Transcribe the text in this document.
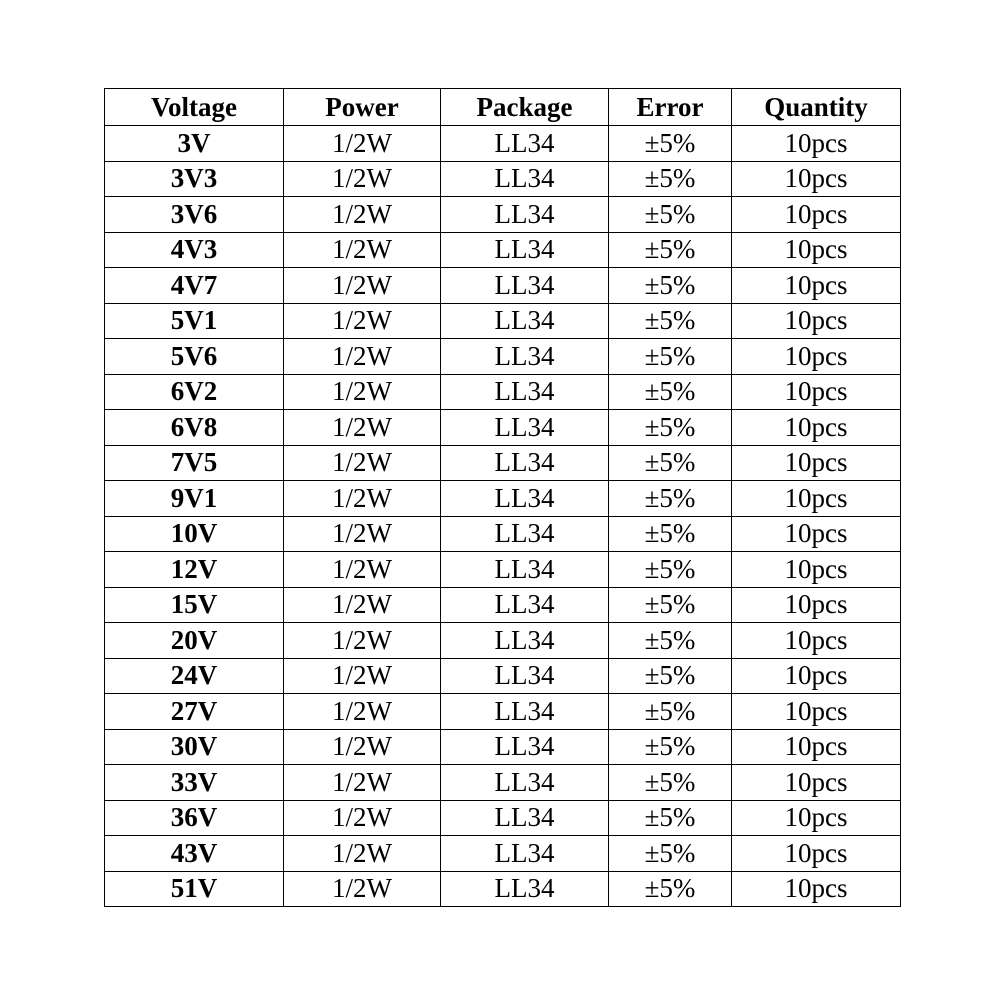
Voltage	Power	Package	Error	Quantity
3V	1/2W	LL34	±5%	10pcs
3V3	1/2W	LL34	±5%	10pcs
3V6	1/2W	LL34	±5%	10pcs
4V3	1/2W	LL34	±5%	10pcs
4V7	1/2W	LL34	±5%	10pcs
5V1	1/2W	LL34	±5%	10pcs
5V6	1/2W	LL34	±5%	10pcs
6V2	1/2W	LL34	±5%	10pcs
6V8	1/2W	LL34	±5%	10pcs
7V5	1/2W	LL34	±5%	10pcs
9V1	1/2W	LL34	±5%	10pcs
10V	1/2W	LL34	±5%	10pcs
12V	1/2W	LL34	±5%	10pcs
15V	1/2W	LL34	±5%	10pcs
20V	1/2W	LL34	±5%	10pcs
24V	1/2W	LL34	±5%	10pcs
27V	1/2W	LL34	±5%	10pcs
30V	1/2W	LL34	±5%	10pcs
33V	1/2W	LL34	±5%	10pcs
36V	1/2W	LL34	±5%	10pcs
43V	1/2W	LL34	±5%	10pcs
51V	1/2W	LL34	±5%	10pcs
